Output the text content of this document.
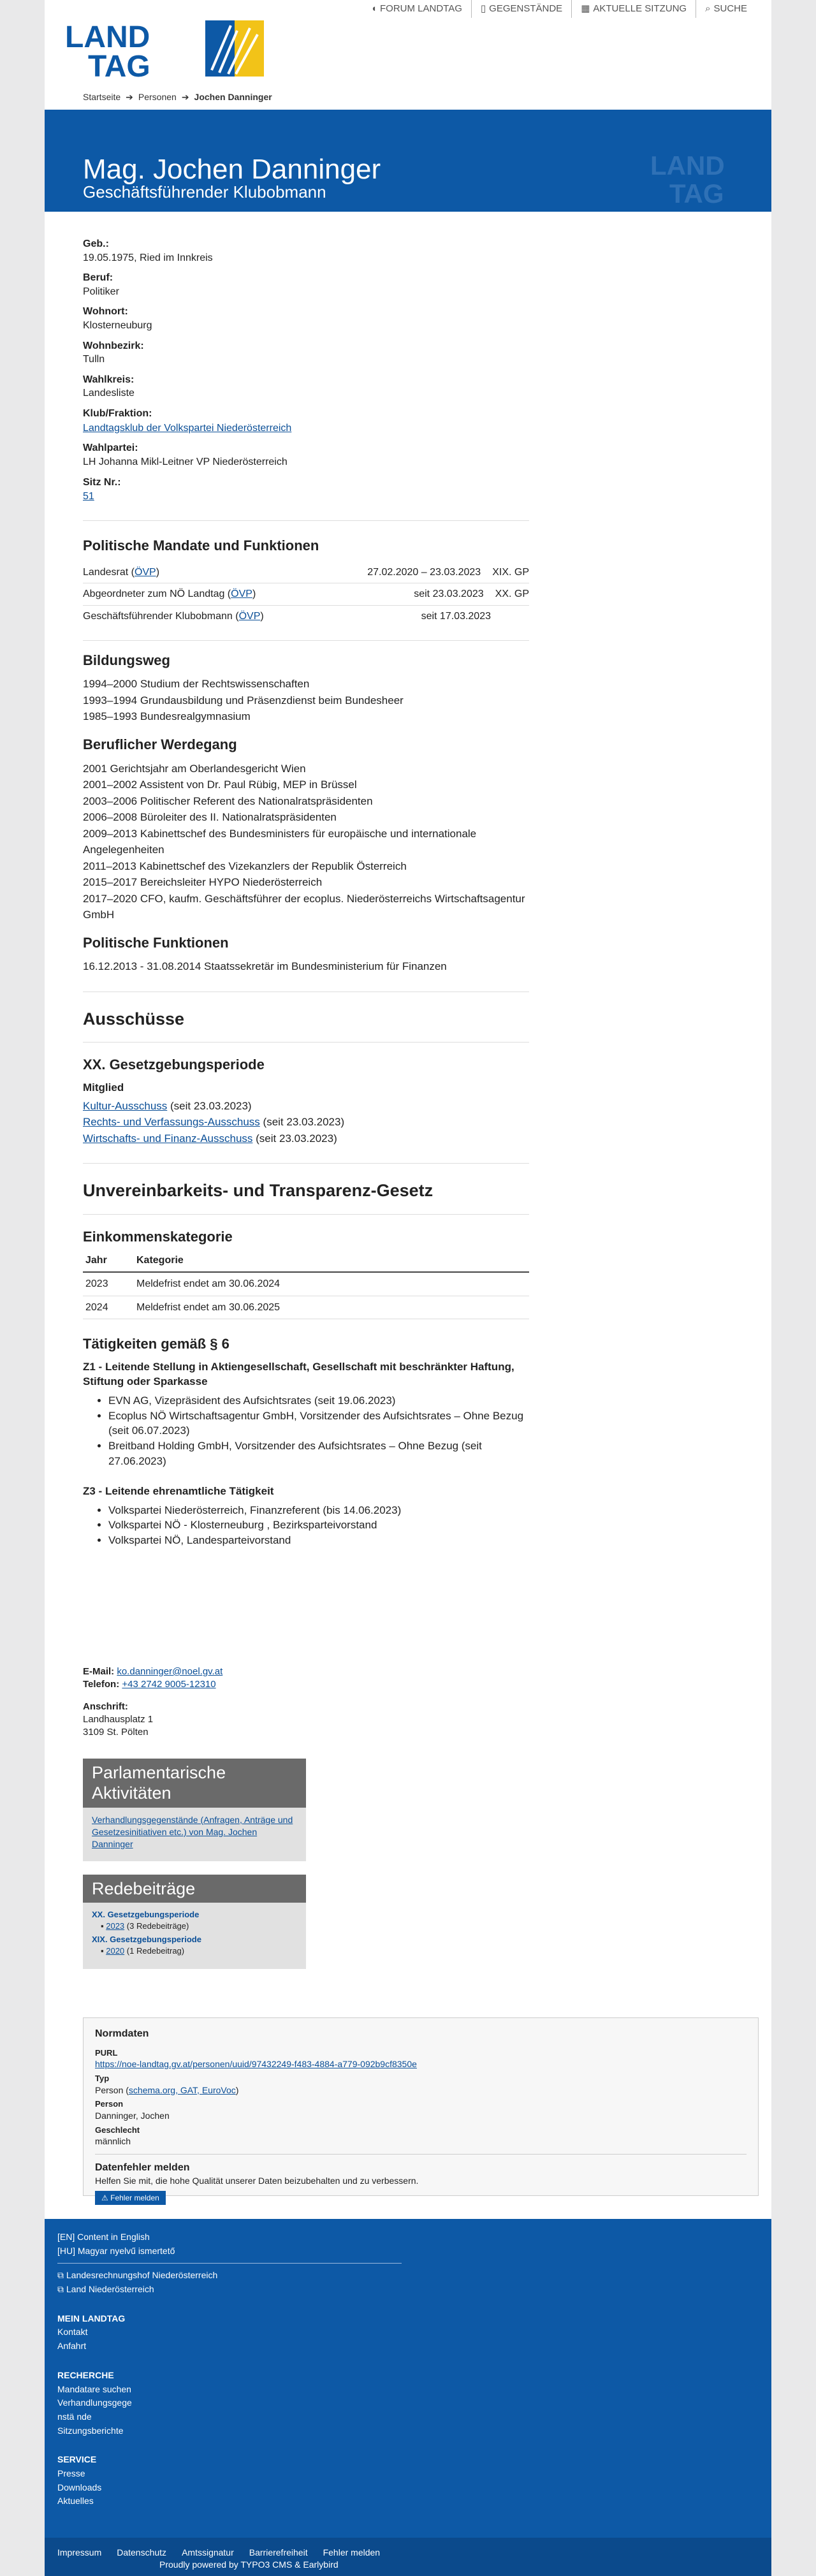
◖ FORUM LANDTAG ▯ GEGENSTÄNDE ▦ AKTUELLE SITZUNG ⌕ SUCHE
LAND
TAG
Startseite ➔ Personen ➔ Jochen Danninger
Mag. Jochen Danninger
Geschäftsführender Klubobmann
LAND
TAG
Geb.:
19.05.1975, Ried im Innkreis
Beruf:
Politiker
Wohnort:
Klosterneuburg
Wohnbezirk:
Tulln
Wahlkreis:
Landesliste
Klub/Fraktion:
Landtagsklub der Volkspartei Niederösterreich
Wahlpartei:
LH Johanna Mikl-Leitner VP Niederösterreich
Sitz Nr.:
51
Politische Mandate und Funktionen
Landesrat (ÖVP)	27.02.2020 – 23.03.2023 XIX. GP
Abgeordneter zum NÖ Landtag (ÖVP)	seit 23.03.2023 XX. GP
Geschäftsführender Klubobmann (ÖVP)	seit 17.03.2023
Bildungsweg
1994–2000 Studium der Rechtswissenschaften
1993–1994 Grundausbildung und Präsenzdienst beim Bundesheer
1985–1993 Bundesrealgymnasium
Beruflicher Werdegang
2001 Gerichtsjahr am Oberlandesgericht Wien
2001–2002 Assistent von Dr. Paul Rübig, MEP in Brüssel
2003–2006 Politischer Referent des Nationalratspräsidenten
2006–2008 Büroleiter des II. Nationalratspräsidenten
2009–2013 Kabinettschef des Bundesministers für europäische und internationale Angelegenheiten
2011–2013 Kabinettschef des Vizekanzlers der Republik Österreich
2015–2017 Bereichsleiter HYPO Niederösterreich
2017–2020 CFO, kaufm. Geschäftsführer der ecoplus. Niederösterreichs Wirtschaftsagentur GmbH
Politische Funktionen
16.12.2013 - 31.08.2014 Staatssekretär im Bundesministerium für Finanzen
Ausschüsse
XX. Gesetzgebungsperiode
Mitglied
Kultur-Ausschuss (seit 23.03.2023)
Rechts- und Verfassungs-Ausschuss (seit 23.03.2023)
Wirtschafts- und Finanz-Ausschuss (seit 23.03.2023)
Unvereinbarkeits- und Transparenz-Gesetz
Einkommenskategorie
Jahr	Kategorie
2023	Meldefrist endet am 30.06.2024
2024	Meldefrist endet am 30.06.2025
Tätigkeiten gemäß § 6
Z1 - Leitende Stellung in Aktiengesellschaft, Gesellschaft mit beschränkter Haftung, Stiftung oder Sparkasse
• EVN AG, Vizepräsident des Aufsichtsrates (seit 19.06.2023)
• Ecoplus NÖ Wirtschaftsagentur GmbH, Vorsitzender des Aufsichtsrates – Ohne Bezug (seit 06.07.2023)
• Breitband Holding GmbH, Vorsitzender des Aufsichtsrates – Ohne Bezug (seit 27.06.2023)
Z3 - Leitende ehrenamtliche Tätigkeit
• Volkspartei Niederösterreich, Finanzreferent (bis 14.06.2023)
• Volkspartei NÖ - Klosterneuburg , Bezirksparteivorstand
• Volkspartei NÖ, Landesparteivorstand
E-Mail: ko.danninger@noel.gv.at
Telefon: +43 2742 9005-12310
Anschrift:
Landhausplatz 1
3109 St. Pölten
Parlamentarische Aktivitäten
Verhandlungsgegenstände (Anfragen, Anträge und Gesetzesinitiativen etc.) von Mag. Jochen Danninger
Redebeiträge
XX. Gesetzgebungsperiode
▪ 2023 (3 Redebeiträge)
XIX. Gesetzgebungsperiode
▪ 2020 (1 Redebeitrag)
Normdaten
PURL
https://noe-landtag.gv.at/personen/uuid/97432249-f483-4884-a779-092b9cf8350e
Typ
Person (schema.org, GAT, EuroVoc)
Person
Danninger, Jochen
Geschlecht
männlich
Datenfehler melden
Helfen Sie mit, die hohe Qualität unserer Daten beizubehalten und zu verbessern.
⚠ Fehler melden
[EN] Content in English
[HU] Magyar nyelvű ismertető
⧉ Landesrechnungshof Niederösterreich
⧉ Land Niederösterreich
MEIN LANDTAG
Kontakt
Anfahrt
RECHERCHE
Mandatare suchen
Verhandlungsgegenstä nde
Sitzungsberichte
SERVICE
Presse
Downloads
Aktuelles
Impressum Datenschutz Amtssignatur Barrierefreiheit Fehler melden
Proudly powered by TYPO3 CMS & Earlybird
